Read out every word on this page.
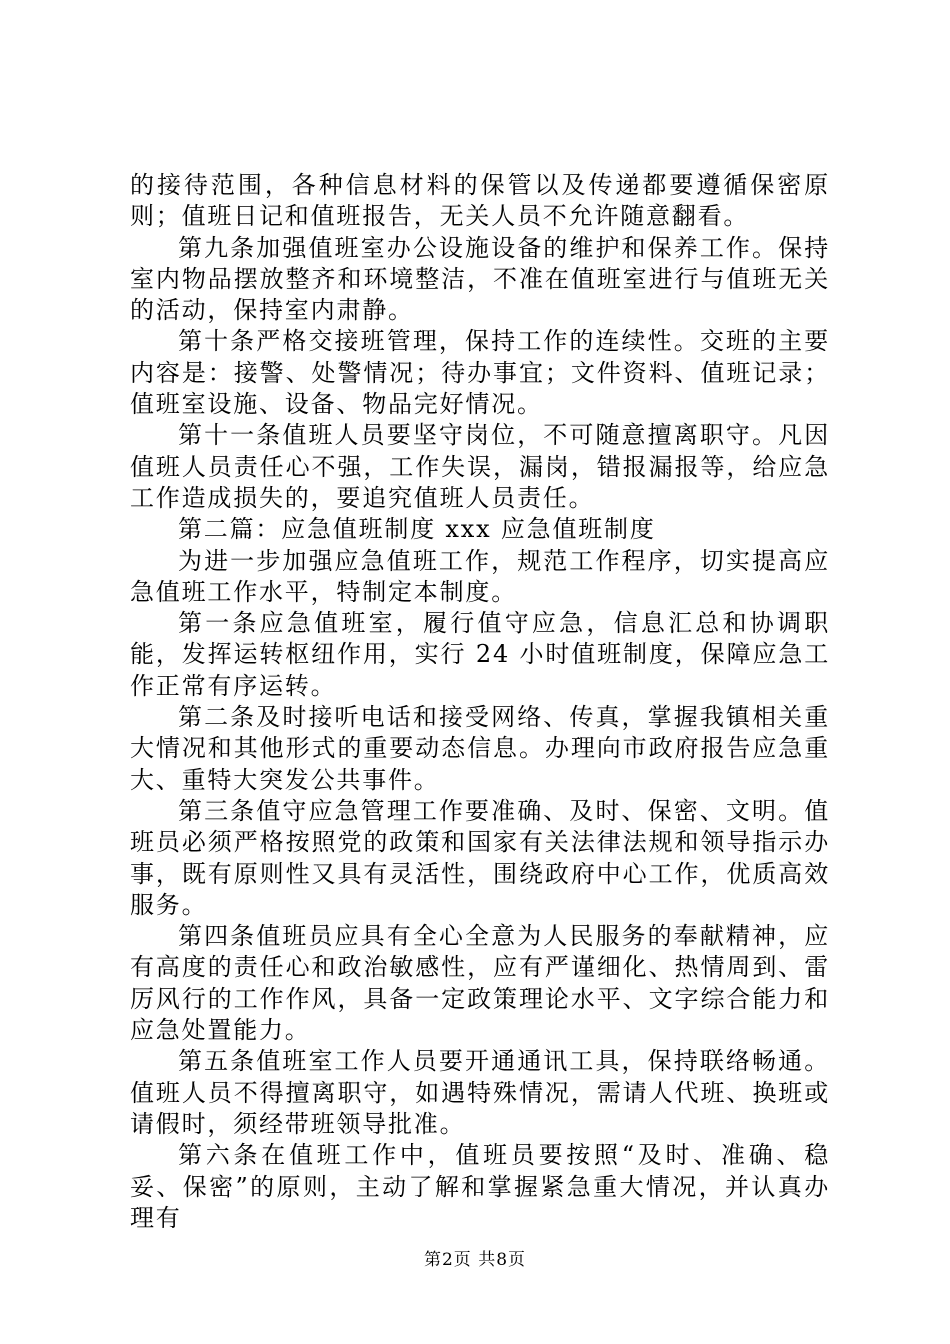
的接待范围，各种信息材料的保管以及传递都要遵循保密原则；值班日记和值班报告，无关人员不允许随意翻看。

第九条加强值班室办公设施设备的维护和保养工作。保持室内物品摆放整齐和环境整洁，不准在值班室进行与值班无关的活动，保持室内肃静。

第十条严格交接班管理，保持工作的连续性。交班的主要内容是：接警、处警情况；待办事宜；文件资料、值班记录；值班室设施、设备、物品完好情况。

第十一条值班人员要坚守岗位，不可随意擅离职守。凡因值班人员责任心不强，工作失误，漏岗，错报漏报等，给应急工作造成损失的，要追究值班人员责任。

第二篇：应急值班制度 xxx 应急值班制度

为进一步加强应急值班工作，规范工作程序，切实提高应急值班工作水平，特制定本制度。

第一条应急值班室，履行值守应急，信息汇总和协调职能，发挥运转枢纽作用，实行 24 小时值班制度，保障应急工作正常有序运转。

第二条及时接听电话和接受网络、传真，掌握我镇相关重大情况和其他形式的重要动态信息。办理向市政府报告应急重大、重特大突发公共事件。

第三条值守应急管理工作要准确、及时、保密、文明。值班员必须严格按照党的政策和国家有关法律法规和领导指示办事，既有原则性又具有灵活性，围绕政府中心工作，优质高效服务。

第四条值班员应具有全心全意为人民服务的奉献精神，应有高度的责任心和政治敏感性，应有严谨细化、热情周到、雷厉风行的工作作风，具备一定政策理论水平、文字综合能力和应急处置能力。

第五条值班室工作人员要开通通讯工具，保持联络畅通。值班人员不得擅离职守，如遇特殊情况，需请人代班、换班或请假时，须经带班领导批准。

第六条在值班工作中，值班员要按照“及时、准确、稳妥、保密”的原则，主动了解和掌握紧急重大情况，并认真办理有

第2页 共8页
